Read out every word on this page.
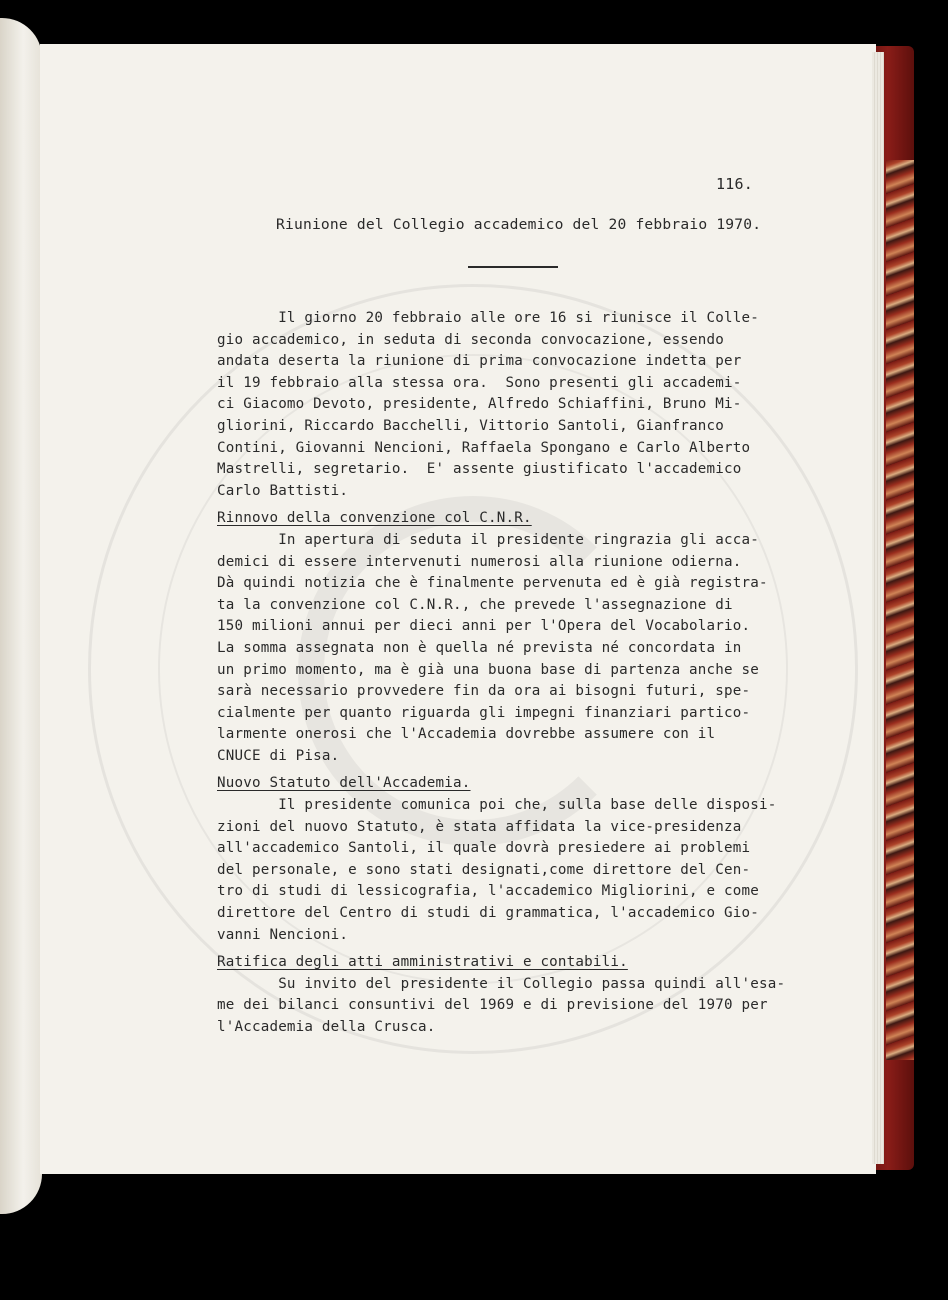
116.
Riunione del Collegio accademico del 20 febbraio 1970.
Il giorno 20 febbraio alle ore 16 si riunisce il Colle-
gio accademico, in seduta di seconda convocazione, essendo
andata deserta la riunione di prima convocazione indetta per
il 19 febbraio alla stessa ora.  Sono presenti gli accademi-
ci Giacomo Devoto, presidente, Alfredo Schiaffini, Bruno Mi-
gliorini, Riccardo Bacchelli, Vittorio Santoli, Gianfranco
Contini, Giovanni Nencioni, Raffaela Spongano e Carlo Alberto
Mastrelli, segretario.  E' assente giustificato l'accademico
Carlo Battisti.
Rinnovo della convenzione col C.N.R.
In apertura di seduta il presidente ringrazia gli acca-
demici di essere intervenuti numerosi alla riunione odierna.
Dà quindi notizia che è finalmente pervenuta ed è già registra-
ta la convenzione col C.N.R., che prevede l'assegnazione di
150 milioni annui per dieci anni per l'Opera del Vocabolario.
La somma assegnata non è quella né prevista né concordata in
un primo momento, ma è già una buona base di partenza anche se
sarà necessario provvedere fin da ora ai bisogni futuri, spe-
cialmente per quanto riguarda gli impegni finanziari partico-
larmente onerosi che l'Accademia dovrebbe assumere con il
CNUCE di Pisa.
Nuovo Statuto dell'Accademia.
Il presidente comunica poi che, sulla base delle disposi-
zioni del nuovo Statuto, è stata affidata la vice-presidenza
all'accademico Santoli, il quale dovrà presiedere ai problemi
del personale, e sono stati designati,come direttore del Cen-
tro di studi di lessicografia, l'accademico Migliorini, e come
direttore del Centro di studi di grammatica, l'accademico Gio-
vanni Nencioni.
Ratifica degli atti amministrativi e contabili.
Su invito del presidente il Collegio passa quindi all'esa-
me dei bilanci consuntivi del 1969 e di previsione del 1970 per
l'Accademia della Crusca.
